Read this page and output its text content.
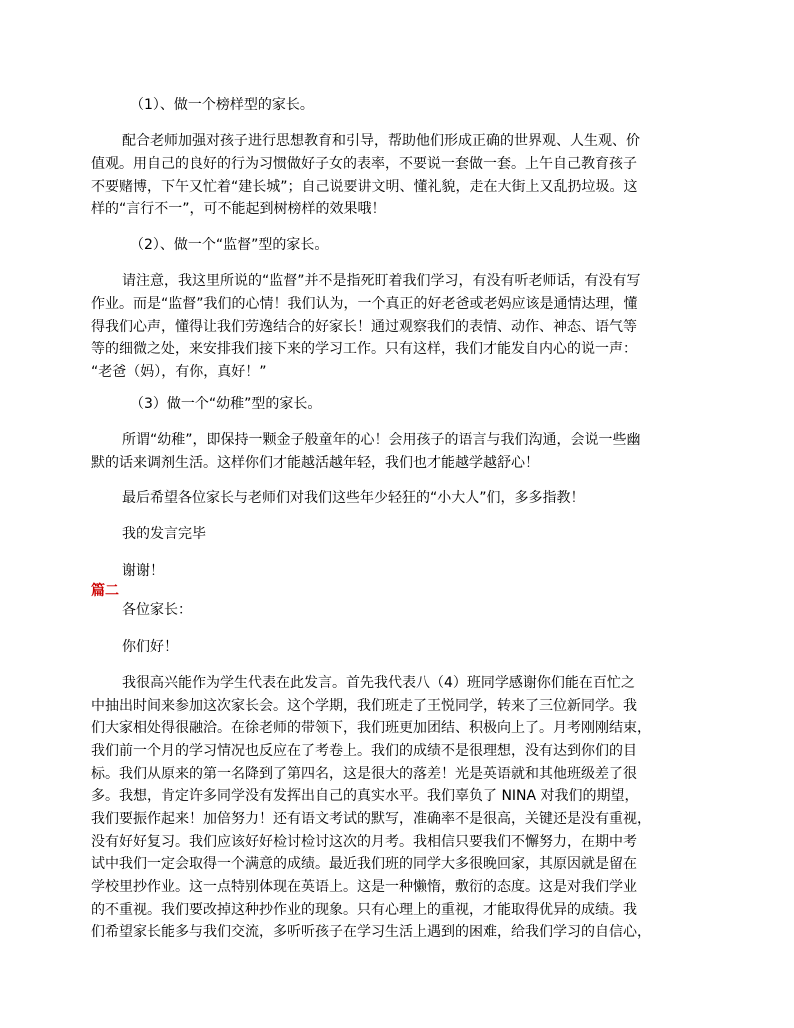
（1）、做一个榜样型的家长。
配合老师加强对孩子进行思想教育和引导，帮助他们形成正确的世界观、人生观、价
值观。用自己的良好的行为习惯做好子女的表率，不要说一套做一套。上午自己教育孩子
不要赌博，下午又忙着“建长城”；自己说要讲文明、懂礼貌，走在大街上又乱扔垃圾。这
样的“言行不一”，可不能起到树榜样的效果哦！
（2）、做一个“监督”型的家长。
请注意，我这里所说的“监督”并不是指死盯着我们学习，有没有听老师话，有没有写
作业。而是“监督”我们的心情！我们认为，一个真正的好老爸或老妈应该是通情达理，懂
得我们心声，懂得让我们劳逸结合的好家长！通过观察我们的表情、动作、神态、语气等
等的细微之处，来安排我们接下来的学习工作。只有这样，我们才能发自内心的说一声：
“老爸（妈），有你，真好！”
（3）做一个“幼稚”型的家长。
所谓“幼稚”，即保持一颗金子般童年的心！会用孩子的语言与我们沟通，会说一些幽
默的话来调剂生活。这样你们才能越活越年轻，我们也才能越学越舒心！
最后希望各位家长与老师们对我们这些年少轻狂的“小大人”们，多多指教！
我的发言完毕
谢谢！
篇二
各位家长：
你们好！
我很高兴能作为学生代表在此发言。首先我代表八（4）班同学感谢你们能在百忙之
中抽出时间来参加这次家长会。这个学期，我们班走了王悦同学，转来了三位新同学。我
们大家相处得很融洽。在徐老师的带领下，我们班更加团结、积极向上了。月考刚刚结束，
我们前一个月的学习情况也反应在了考卷上。我们的成绩不是很理想，没有达到你们的目
标。我们从原来的第一名降到了第四名，这是很大的落差！光是英语就和其他班级差了很
多。我想，肯定许多同学没有发挥出自己的真实水平。我们辜负了 NINA 对我们的期望，
我们要振作起来！加倍努力！还有语文考试的默写，准确率不是很高，关键还是没有重视，
没有好好复习。我们应该好好检讨检讨这次的月考。我相信只要我们不懈努力，在期中考
试中我们一定会取得一个满意的成绩。最近我们班的同学大多很晚回家，其原因就是留在
学校里抄作业。这一点特别体现在英语上。这是一种懒惰，敷衍的态度。这是对我们学业
的不重视。我们要改掉这种抄作业的现象。只有心理上的重视，才能取得优异的成绩。我
们希望家长能多与我们交流，多听听孩子在学习生活上遇到的困难，给我们学习的自信心，
